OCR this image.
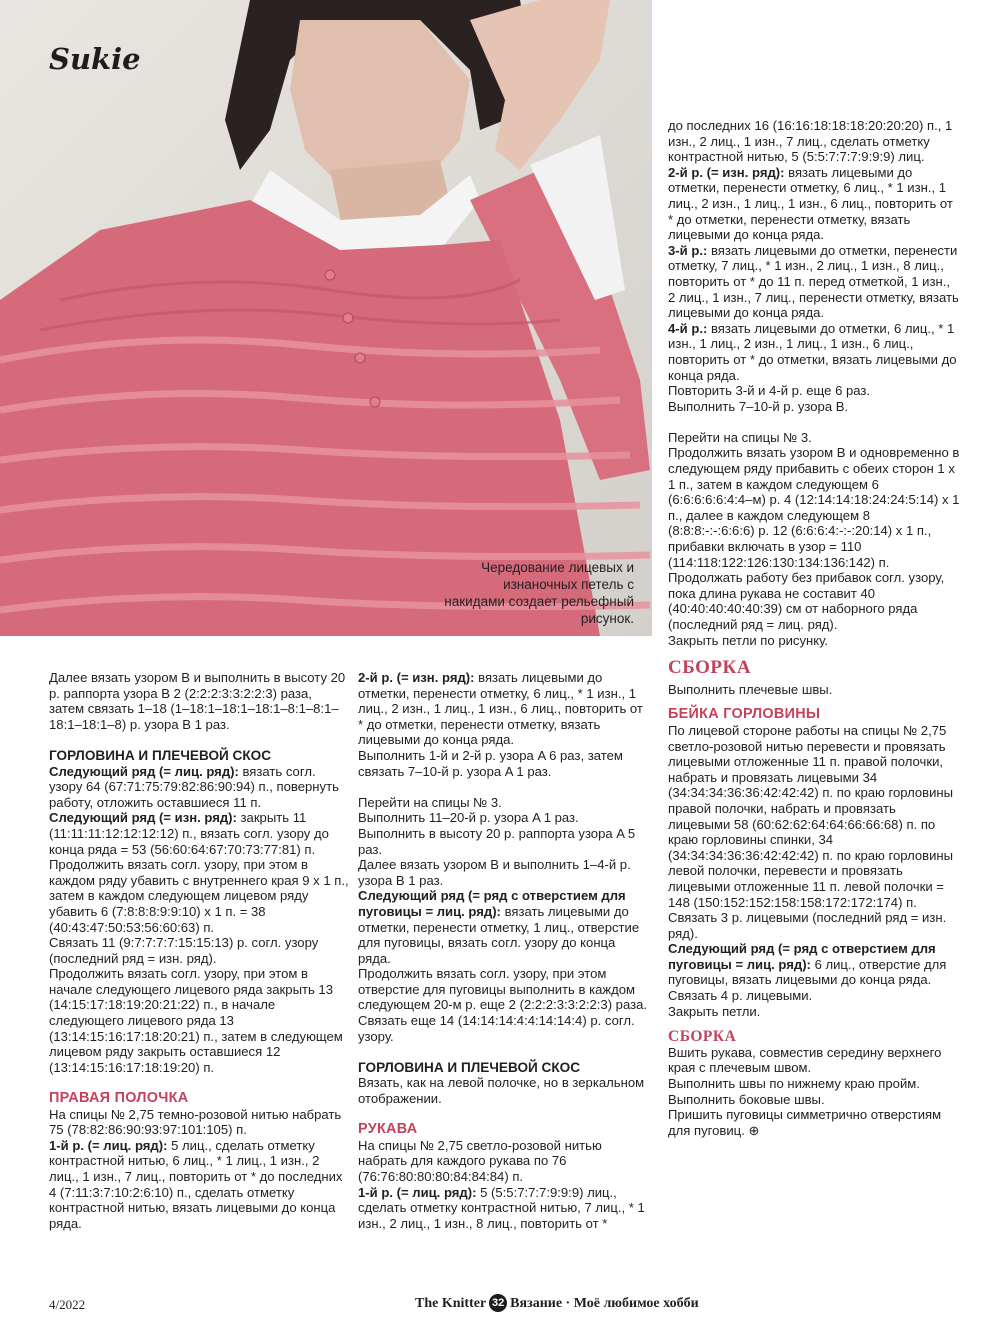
Sukie
Чередование лицевых и изнаночных петель с накидами создает рельефный рисунок.

Далее вязать узором B и выполнить в высоту 20 р. раппорта узора B 2 (2:2:2:3:3:2:2:3) раза, затем связать 1–18 (1–18:1–18:1–18:1–8:1–8:1–18:1–18:1–8) р. узора B 1 раз.

ГОРЛОВИНА И ПЛЕЧЕВОЙ СКОС

Следующий ряд (= лиц. ряд): вязать согл. узору 64 (67:71:75:79:82:86:90:94) п., повернуть работу, отложить оставшиеся 11 п.

Следующий ряд (= изн. ряд): закрыть 11 (11:11:11:12:12:12:12) п., вязать согл. узору до конца ряда = 53 (56:60:64:67:70:73:77:81) п.

Продолжить вязать согл. узору, при этом в каждом ряду убавить с внутреннего края 9 х 1 п., затем в каждом следующем лицевом ряду убавить 6 (7:8:8:8:9:9:10) х 1 п. = 38 (40:43:47:50:53:56:60:63) п.

Связать 11 (9:7:7:7:7:15:15:13) р. согл. узору (последний ряд = изн. ряд).

Продолжить вязать согл. узору, при этом в начале следующего лицевого ряда закрыть 13 (14:15:17:18:19:20:21:22) п., в начале следующего лицевого ряда 13 (13:14:15:16:17:18:20:21) п., затем в следующем лицевом ряду закрыть оставшиеся 12 (13:14:15:16:17:18:19:20) п.

ПРАВАЯ ПОЛОЧКА

На спицы № 2,75 темно-розовой нитью набрать 75 (78:82:86:90:93:97:101:105) п.

1-й р. (= лиц. ряд): 5 лиц., сделать отметку контрастной нитью, 6 лиц., * 1 лиц., 1 изн., 2 лиц., 1 изн., 7 лиц., повторить от * до последних 4 (7:11:3:7:10:2:6:10) п., сделать отметку контрастной нитью, вязать лицевыми до конца ряда.

2-й р. (= изн. ряд): вязать лицевыми до отметки, перенести отметку, 6 лиц., * 1 изн., 1 лиц., 2 изн., 1 лиц., 1 изн., 6 лиц., повторить от * до отметки, перенести отметку, вязать лицевыми до конца ряда.

Выполнить 1-й и 2-й р. узора A 6 раз, затем связать 7–10-й р. узора A 1 раз.

Перейти на спицы № 3.

Выполнить 11–20-й р. узора A 1 раз.

Выполнить в высоту 20 р. раппорта узора A 5 раз.

Далее вязать узором B и выполнить 1–4-й р. узора B 1 раз.

Следующий ряд (= ряд с отверстием для пуговицы = лиц. ряд): вязать лицевыми до отметки, перенести отметку, 1 лиц., отверстие для пуговицы, вязать согл. узору до конца ряда.

Продолжить вязать согл. узору, при этом отверстие для пуговицы выполнить в каждом следующем 20-м р. еще 2 (2:2:2:3:3:2:2:3) раза.

Связать еще 14 (14:14:14:4:4:14:14:4) р. согл. узору.

ГОРЛОВИНА И ПЛЕЧЕВОЙ СКОС

Вязать, как на левой полочке, но в зеркальном отображении.

РУКАВА

На спицы № 2,75 светло-розовой нитью набрать для каждого рукава по 76 (76:76:80:80:80:84:84:84) п.

1-й р. (= лиц. ряд): 5 (5:5:7:7:7:9:9:9) лиц., сделать отметку контрастной нитью, 7 лиц., * 1 изн., 2 лиц., 1 изн., 8 лиц., повторить от *

до последних 16 (16:16:18:18:18:20:20:20) п., 1 изн., 2 лиц., 1 изн., 7 лиц., сделать отметку контрастной нитью, 5 (5:5:7:7:7:9:9:9) лиц.

2-й р. (= изн. ряд): вязать лицевыми до отметки, перенести отметку, 6 лиц., * 1 изн., 1 лиц., 2 изн., 1 лиц., 1 изн., 6 лиц., повторить от * до отметки, перенести отметку, вязать лицевыми до конца ряда.

3-й р.: вязать лицевыми до отметки, перенести отметку, 7 лиц., * 1 изн., 2 лиц., 1 изн., 8 лиц., повторить от * до 11 п. перед отметкой, 1 изн., 2 лиц., 1 изн., 7 лиц., перенести отметку, вязать лицевыми до конца ряда.

4-й р.: вязать лицевыми до отметки, 6 лиц., * 1 изн., 1 лиц., 2 изн., 1 лиц., 1 изн., 6 лиц., повторить от * до отметки, вязать лицевыми до конца ряда.

Повторить 3-й и 4-й р. еще 6 раз.

Выполнить 7–10-й р. узора B.

Перейти на спицы № 3.

Продолжить вязать узором B и одновременно в следующем ряду прибавить с обеих сторон 1 х 1 п., затем в каждом следующем 6 (6:6:6:6:6:4:4–м) р. 4 (12:14:14:18:24:24:5:14) х 1 п., далее в каждом следующем 8 (8:8:8:-:-:6:6:6) р. 12 (6:6:6:4:-:-:20:14) х 1 п., прибавки включать в узор = 110 (114:118:122:126:130:134:136:142) п.

Продолжать работу без прибавок согл. узору, пока длина рукава не составит 40 (40:40:40:40:40:39) см от наборного ряда (последний ряд = лиц. ряд).

Закрыть петли по рисунку.

СБОРКА

Выполнить плечевые швы.

БЕЙКА ГОРЛОВИНЫ

По лицевой стороне работы на спицы № 2,75 светло-розовой нитью перевести и провязать лицевыми отложенные 11 п. правой полочки, набрать и провязать лицевыми 34 (34:34:34:36:36:42:42:42) п. по краю горловины правой полочки, набрать и провязать лицевыми 58 (60:62:62:64:64:66:66:68) п. по краю горловины спинки, 34 (34:34:34:36:36:42:42:42) п. по краю горловины левой полочки, перевести и провязать лицевыми отложенные 11 п. левой полочки = 148 (150:152:152:158:158:172:172:174) п.

Связать 3 р. лицевыми (последний ряд = изн. ряд).

Следующий ряд (= ряд с отверстием для пуговицы = лиц. ряд): 6 лиц., отверстие для пуговицы, вязать лицевыми до конца ряда.

Связать 4 р. лицевыми.

Закрыть петли.

СБОРКА

Вшить рукава, совместив середину верхнего края с плечевым швом.

Выполнить швы по нижнему краю пройм.

Выполнить боковые швы.

Пришить пуговицы симметрично отверстиям для пуговиц. ⊕

4/2022	The Knitter 32 Вязание · Моё любимое хобби
